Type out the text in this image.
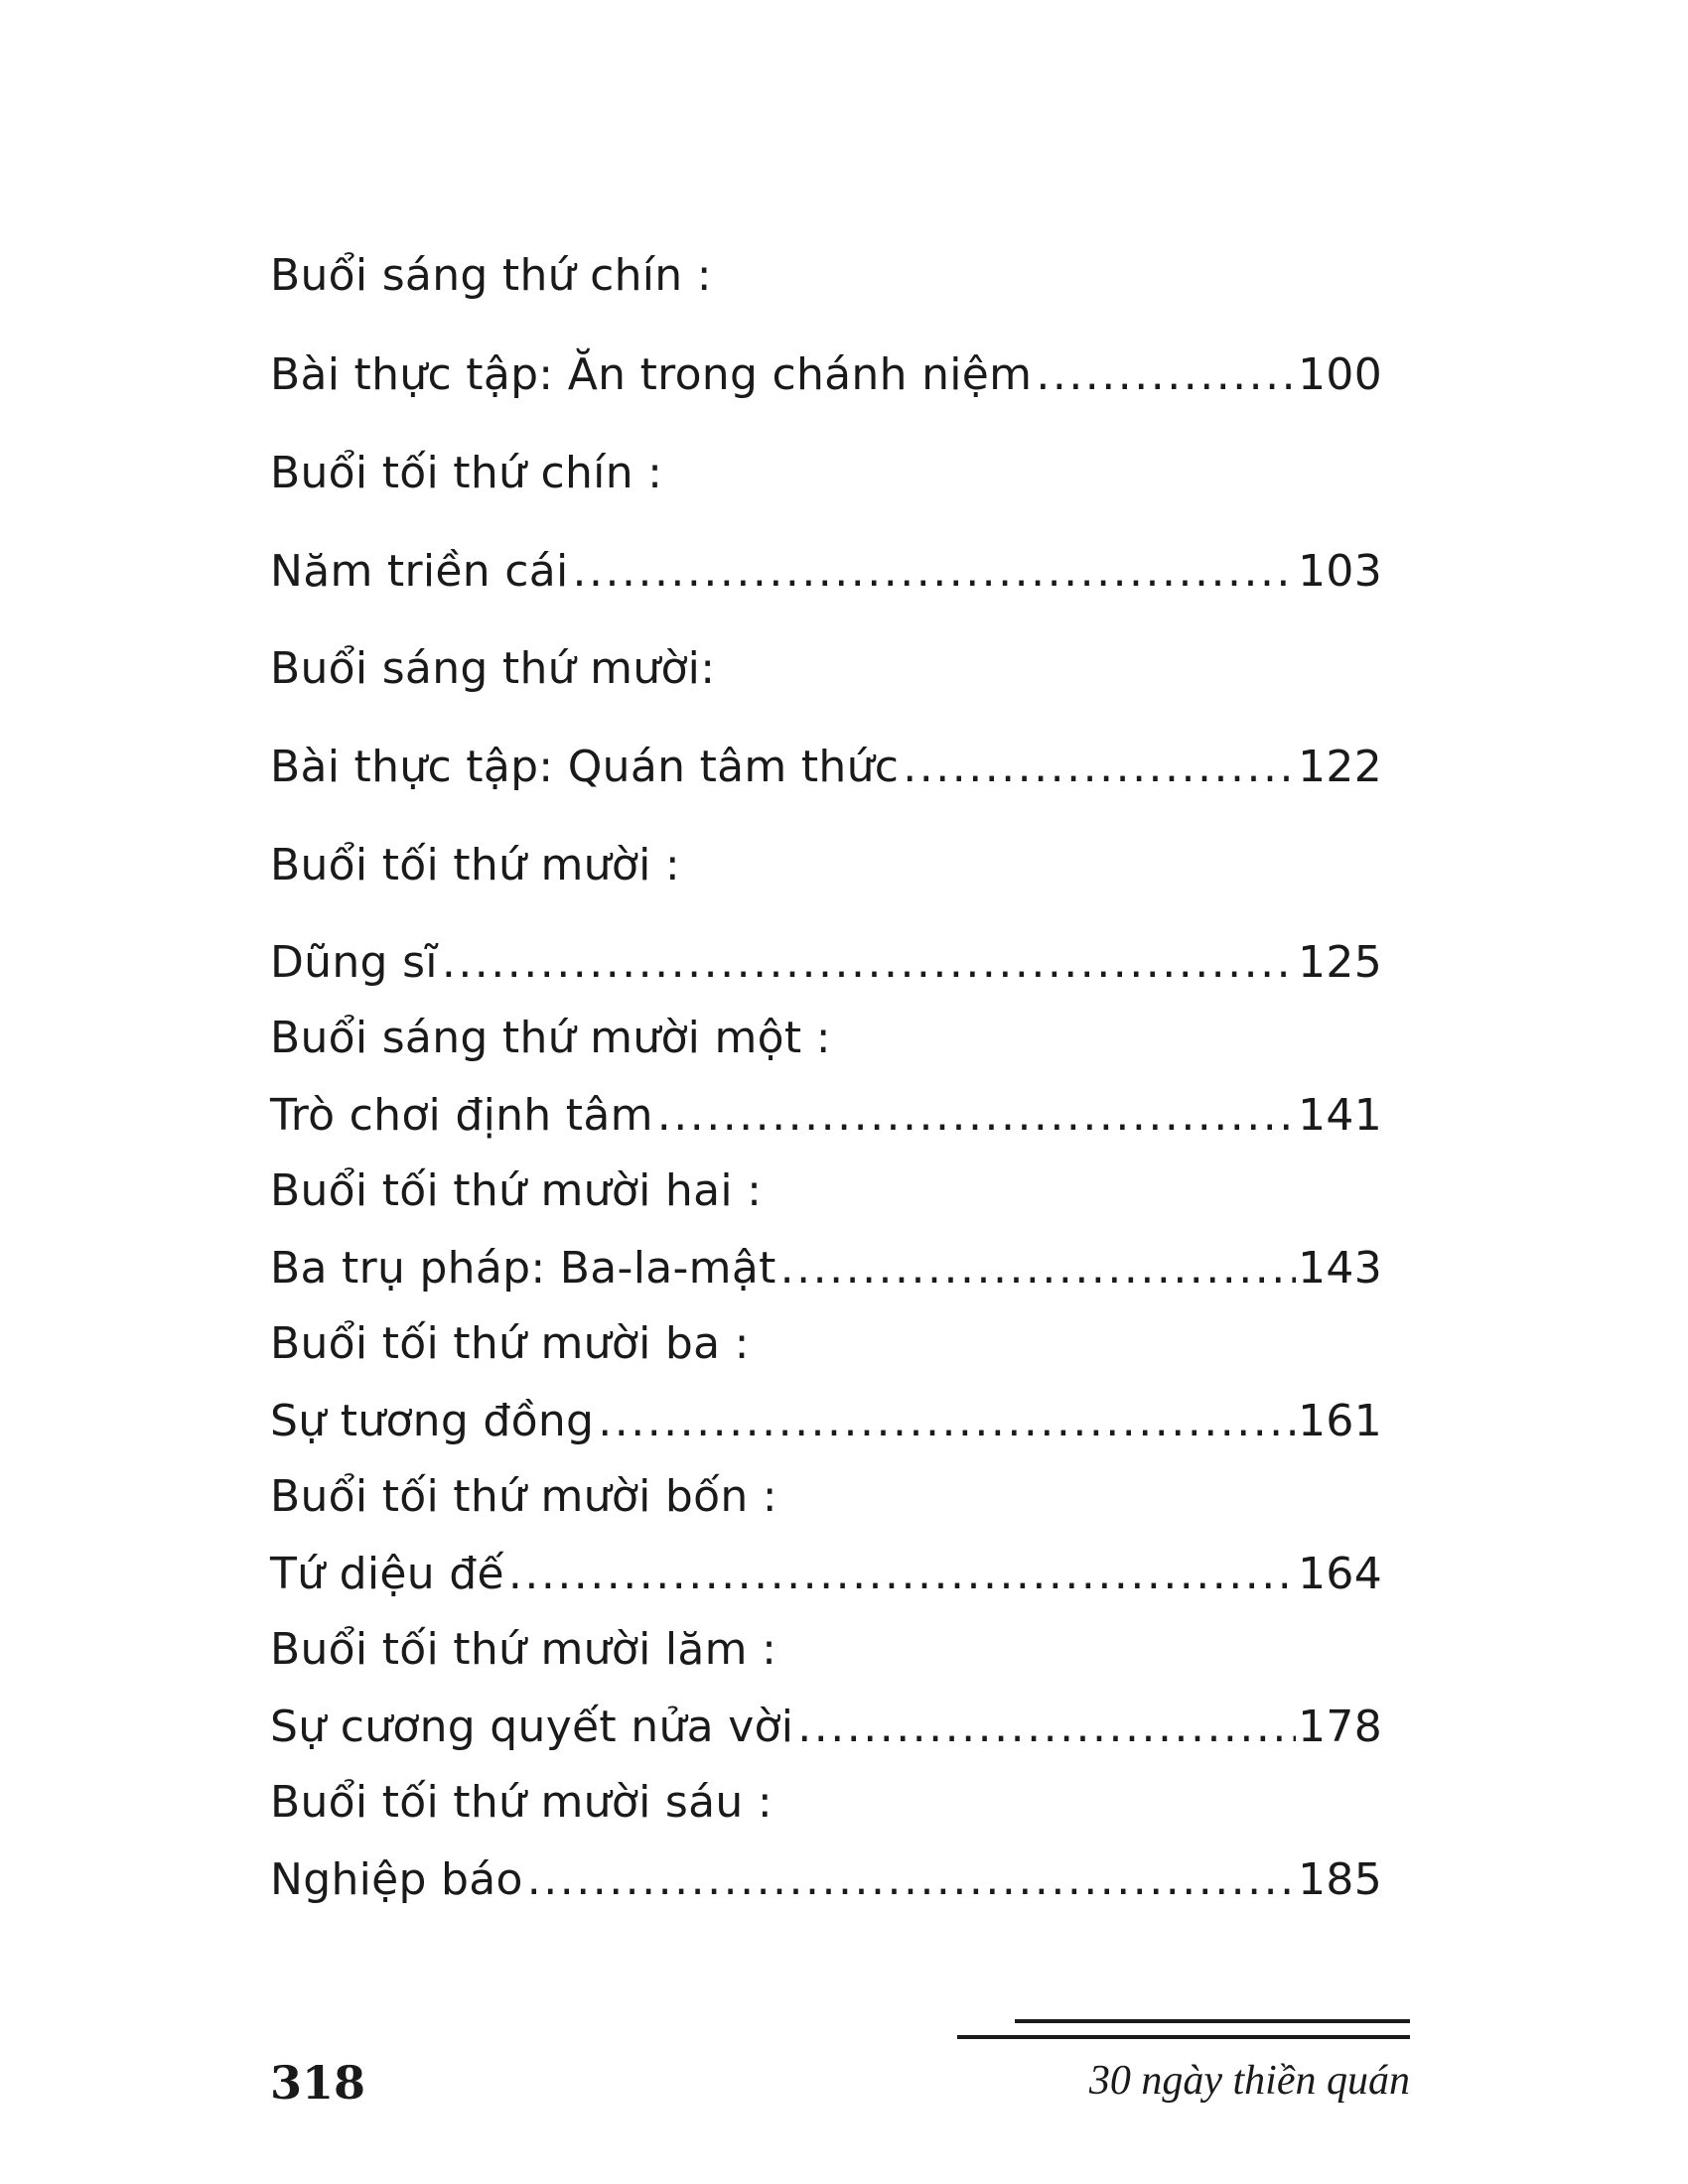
Buổi sáng thứ chín :
Bài thực tập: Ăn trong chánh niệm .....	100
Buổi tối thứ chín :
Năm triền cái .....	103
Buổi sáng thứ mười:
Bài thực tập: Quán tâm thức .....	122
Buổi tối thứ mười :
Dũng sĩ .....	125
Buổi sáng thứ mười một :
Trò chơi định tâm .....	141
Buổi tối thứ mười hai :
Ba trụ pháp: Ba-la-mật .....	143
Buổi tối thứ mười ba :
Sự tương đồng .....	161
Buổi tối thứ mười bốn :
Tứ diệu đế .....	164
Buổi tối thứ mười lăm :
Sự cương quyết nửa vời .....	178
Buổi tối thứ mười sáu :
Nghiệp báo .....	185
318	30 ngày thiền quán
